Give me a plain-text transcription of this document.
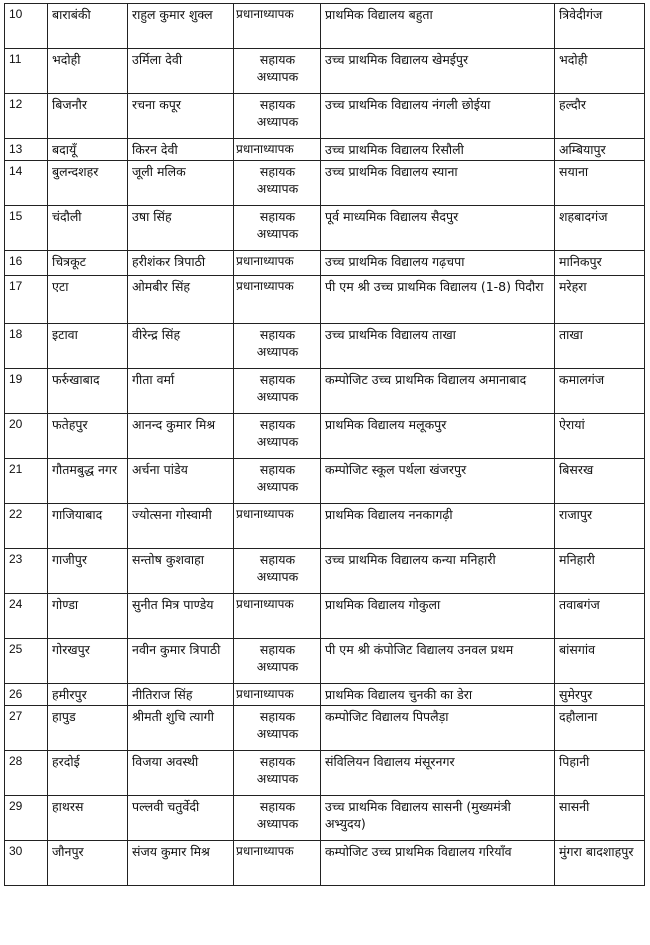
10	बाराबंकी	राहुल कुमार शुक्ल	प्रधानाध्यापक	प्राथमिक विद्यालय बहुता	त्रिवेदीगंज
11	भदोही	उर्मिला देवी	सहायक अध्यापक	उच्च प्राथमिक विद्यालय खेमईपुर	भदोही
12	बिजनौर	रचना कपूर	सहायक अध्यापक	उच्च प्राथमिक विद्यालय नंगली छोईया	हल्दौर
13	बदायूँ	किरन देवी	प्रधानाध्यापक	उच्च प्राथमिक विद्यालय रिसौली	अम्बियापुर
14	बुलन्दशहर	जूली मलिक	सहायक अध्यापक	उच्च प्राथमिक विद्यालय स्याना	सयाना
15	चंदौली	उषा सिंह	सहायक अध्यापक	पूर्व माध्यमिक विद्यालय सैदपुर	शहबादगंज
16	चित्रकूट	हरीशंकर त्रिपाठी	प्रधानाध्यापक	उच्च प्राथमिक विद्यालय गढ़चपा	मानिकपुर
17	एटा	ओमबीर सिंह	प्रधानाध्यापक	पी एम श्री उच्च प्राथमिक विद्यालय (1-8) पिदौरा	मरेहरा
18	इटावा	वीरेन्द्र सिंह	सहायक अध्यापक	उच्च प्राथमिक विद्यालय ताखा	ताखा
19	फर्रुखाबाद	गीता वर्मा	सहायक अध्यापक	कम्पोजिट उच्च प्राथमिक विद्यालय अमानाबाद	कमालगंज
20	फतेहपुर	आनन्द कुमार मिश्र	सहायक अध्यापक	प्राथमिक विद्यालय मलूकपुर	ऐरायां
21	गौतमबुद्ध नगर	अर्चना पांडेय	सहायक अध्यापक	कम्पोजिट स्कूल पर्थला खंजरपुर	बिसरख
22	गाजियाबाद	ज्योत्सना गोस्वामी	प्रधानाध्यापक	प्राथमिक विद्यालय ननकागढ़ी	राजापुर
23	गाजीपुर	सन्तोष कुशवाहा	सहायक अध्यापक	उच्च प्राथमिक विद्यालय कन्या मनिहारी	मनिहारी
24	गोण्डा	सुनीत मित्र पाण्डेय	प्रधानाध्यापक	प्राथमिक विद्यालय गोकुला	तवाबगंज
25	गोरखपुर	नवीन कुमार त्रिपाठी	सहायक अध्यापक	पी एम श्री कंपोजिट विद्यालय उनवल प्रथम	बांसगांव
26	हमीरपुर	नीतिराज सिंह	प्रधानाध्यापक	प्राथमिक विद्यालय चुनकी का डेरा	सुमेरपुर
27	हापुड	श्रीमती शुचि त्यागी	सहायक अध्यापक	कम्पोजिट विद्यालय पिपलैड़ा	दहौलाना
28	हरदोई	विजया अवस्थी	सहायक अध्यापक	संविलियन विद्यालय मंसूरनगर	पिहानी
29	हाथरस	पल्लवी चतुर्वेदी	सहायक अध्यापक	उच्च प्राथमिक विद्यालय सासनी (मुख्यमंत्री अभ्युदय)	सासनी
30	जौनपुर	संजय कुमार मिश्र	प्रधानाध्यापक	कम्पोजिट उच्च प्राथमिक विद्यालय गरियाँव	मुंगरा बादशाहपुर
